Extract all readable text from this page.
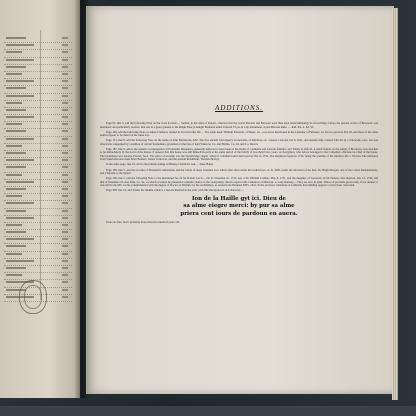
ADDITIONS.

Page 65, line 5, add the following Note on the word doctour:— Seldon, in the titles of honour, observes that the words Baronet and Baronett were then used indiscriminately in old writings; before the present notion of Baronetts was instituted; and particularly notices, that one in a grant granted to the Ralph Fane (a Knight Banneret under Edward VI.) is in a hy instrument, styled Baronet Rufe. — Ibid. Par. 4. Ed. VI.

Page 106, add the following Note on James Clerkson, termed in Scroll in Oks III.:— The same deed: William Edwards, of Hapet, etc., was never mentioned in the Calendar of February 14, but we perceive Feb 26, and most of the other entries appear to be dated on the same day.

Page 151, line 8, add the following Note on the name of John Hartshorne, M.P. The free ancient John Quevy Cornewaile, of Kintbury, etc. created a baronet Jan 8, 1641, and another duly created with Sir Q. Cornewaile, bart., but was afterwards suspended by a petition of certain freeholders, grounded on the fate of land Winstow, Co. and Holme, Co. Gl. and Co. Devon.

Page 187, line 9, add to the remark a congregation of Protestant Dissenters, generally believed to have been of the Order of Carmelite and Lincoln families, and Trinity at Oxford. A small church, in the parish of Brookton, was attached to be immediately by the Lord of the manor. It appears that this house was still himself in early at the same period of the family of Goodwin's two years. A Clergymen, who before belonged to the Cathedral, officiated as chief of the house. The incumbent was George Procter, M.A. The place of worship was the Wydebridge chapel, where it continued until destroyed by fire in 1716. The Registers began in 1732, being the pastime of the minister Mr. I. Warren. The ministers from Snaploths have been Peter Bolders, James Connover, and the present Incumbent, Thomas Hervey.

In the same page, line 19, add to the remark stating on Bishop Charlton's seal,— these Baker.

Page 189, line 5, add the account of Elizabeth's Abnesham, and the whole of these treasures now which exist since under the Guildi laws. A. D. 1680, under the direction of the Rev. Dr. Hugh Morgan, one of the Canon Residentiaries, and Chaplain to the Queen.

Page 206, line 5, add the following Note to the mentioned fee on Sir Robert Lee's:— Dr. R. Wiseman ob. 1712. Aet. 2 Sir William Lothian, May 6, 1731, and the daughter of Leonardo 10 Sir Nelson, who married, Jan. 12, 1744, and that of Dawkins of Lassn Park, Co. Sa, on which occasion he presented a smaller chance to the vestrydemy church organ to Mr. Cutteleon of Malvern, to Lady Ramsey.—They are now in print. This is of probable great rarity, if not unique; it was still in the MS. rooms complimented with the degree of Doctor of Divinity by the Archbishop, as noted in the Harleian MSS. 1641. In the previous visitations at Lambeth, this building appears to have been renovated.

Page 308, line 16, add 'Under the middle window a deed is inserted in the wall, with this inscription in old character:—

Ion de la Haille gyt ici. Dieu de
sa alme eiegre merci: by pur sa alme
priera cent iours de pardoun en auera.

It has no date; but it probably more than five hundred years old.
